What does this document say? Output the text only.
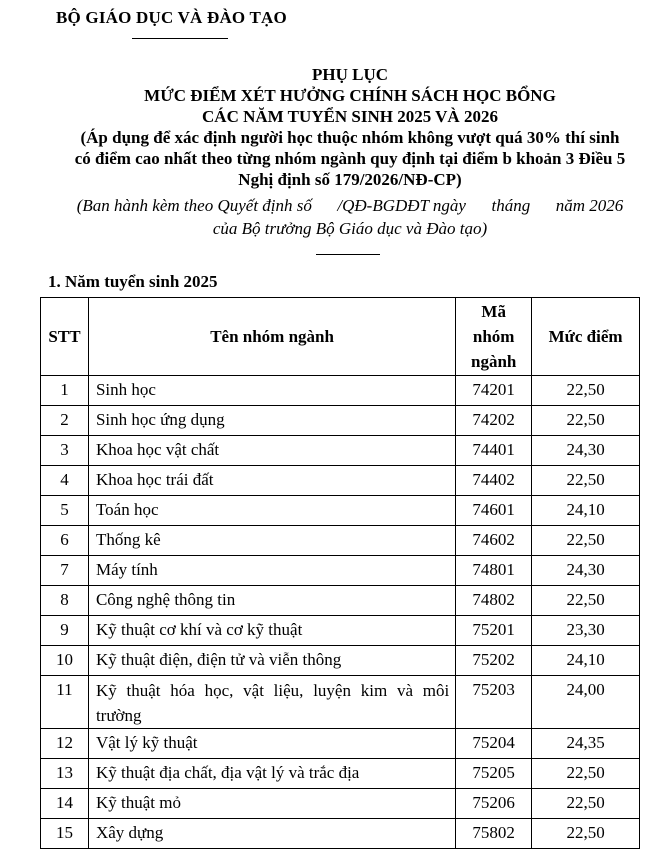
BỘ GIÁO DỤC VÀ ĐÀO TẠO
PHỤ LỤC
MỨC ĐIỂM XÉT HƯỞNG CHÍNH SÁCH HỌC BỔNG
CÁC NĂM TUYỂN SINH 2025 VÀ 2026
(Áp dụng để xác định người học thuộc nhóm không vượt quá 30% thí sinh
có điểm cao nhất theo từng nhóm ngành quy định tại điểm b khoản 3 Điều 5
Nghị định số 179/2026/NĐ-CP)
(Ban hành kèm theo Quyết định số      /QĐ-BGDĐT ngày      tháng      năm 2026
của Bộ trưởng Bộ Giáo dục và Đào tạo)
1. Năm tuyển sinh 2025
STT	Tên nhóm ngành	Mã
nhóm
ngành	Mức điểm
1	Sinh học	74201	22,50
2	Sinh học ứng dụng	74202	22,50
3	Khoa học vật chất	74401	24,30
4	Khoa học trái đất	74402	22,50
5	Toán học	74601	24,10
6	Thống kê	74602	22,50
7	Máy tính	74801	24,30
8	Công nghệ thông tin	74802	22,50
9	Kỹ thuật cơ khí và cơ kỹ thuật	75201	23,30
10	Kỹ thuật điện, điện tử và viễn thông	75202	24,10
11	Kỹ thuật hóa học, vật liệu, luyện kim và môi trường	75203	24,00
12	Vật lý kỹ thuật	75204	24,35
13	Kỹ thuật địa chất, địa vật lý và trắc địa	75205	22,50
14	Kỹ thuật mỏ	75206	22,50
15	Xây dựng	75802	22,50
